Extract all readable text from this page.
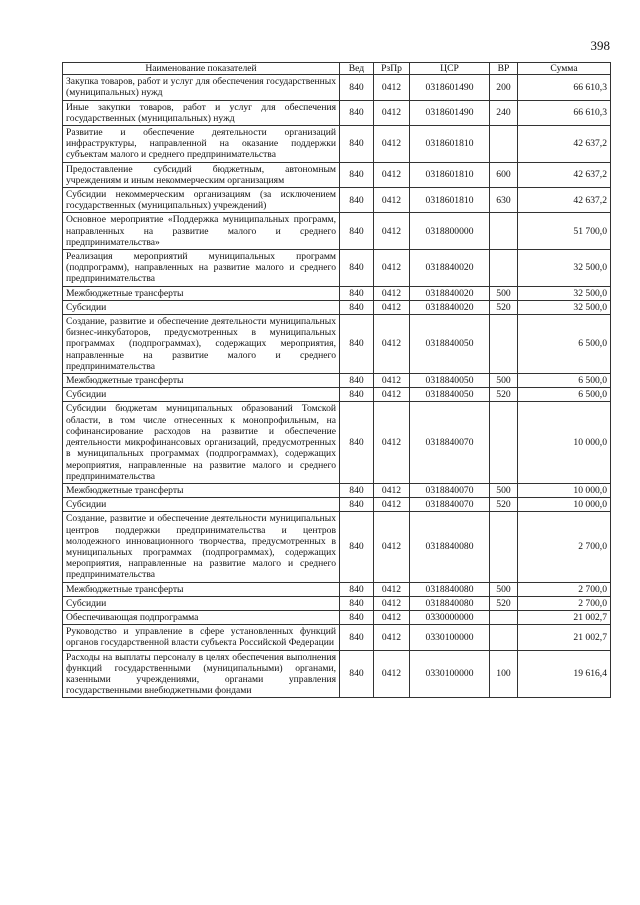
398
Наименование показателей	Вед	РзПр	ЦСР	ВР	Сумма
Закупка товаров, работ и услуг для обеспечения государственных (муниципальных) нужд	840	0412	0318601490	200	66 610,3
Иные закупки товаров, работ и услуг для обеспечения государственных (муниципальных) нужд	840	0412	0318601490	240	66 610,3
Развитие и обеспечение деятельности организаций инфраструктуры, направленной на оказание поддержки субъектам малого и среднего предпринимательства	840	0412	0318601810		42 637,2
Предоставление субсидий бюджетным, автономным учреждениям и иным некоммерческим организациям	840	0412	0318601810	600	42 637,2
Субсидии некоммерческим организациям (за исключением государственных (муниципальных) учреждений)	840	0412	0318601810	630	42 637,2
Основное мероприятие «Поддержка муниципальных программ, направленных на развитие малого и среднего предпринимательства»	840	0412	0318800000		51 700,0
Реализация мероприятий муниципальных программ (подпрограмм), направленных на развитие малого и среднего предпринимательства	840	0412	0318840020		32 500,0
Межбюджетные трансферты	840	0412	0318840020	500	32 500,0
Субсидии	840	0412	0318840020	520	32 500,0
Создание, развитие и обеспечение деятельности муниципальных бизнес-инкубаторов, предусмотренных в муниципальных программах (подпрограммах), содержащих мероприятия, направленные на развитие малого и среднего предпринимательства	840	0412	0318840050		6 500,0
Межбюджетные трансферты	840	0412	0318840050	500	6 500,0
Субсидии	840	0412	0318840050	520	6 500,0
Субсидии бюджетам муниципальных образований Томской области, в том числе отнесенных к монопрофильным, на софинансирование расходов на развитие и обеспечение деятельности микрофинансовых организаций, предусмотренных в муниципальных программах (подпрограммах), содержащих мероприятия, направленные на развитие малого и среднего предпринимательства	840	0412	0318840070		10 000,0
Межбюджетные трансферты	840	0412	0318840070	500	10 000,0
Субсидии	840	0412	0318840070	520	10 000,0
Создание, развитие и обеспечение деятельности муниципальных центров поддержки предпринимательства и центров молодежного инновационного творчества, предусмотренных в муниципальных программах (подпрограммах), содержащих мероприятия, направленные на развитие малого и среднего предпринимательства	840	0412	0318840080		2 700,0
Межбюджетные трансферты	840	0412	0318840080	500	2 700,0
Субсидии	840	0412	0318840080	520	2 700,0
Обеспечивающая подпрограмма	840	0412	0330000000		21 002,7
Руководство и управление в сфере установленных функций органов государственной власти субъекта Российской Федерации	840	0412	0330100000		21 002,7
Расходы на выплаты персоналу в целях обеспечения выполнения функций государственными (муниципальными) органами, казенными учреждениями, органами управления государственными внебюджетными фондами	840	0412	0330100000	100	19 616,4
